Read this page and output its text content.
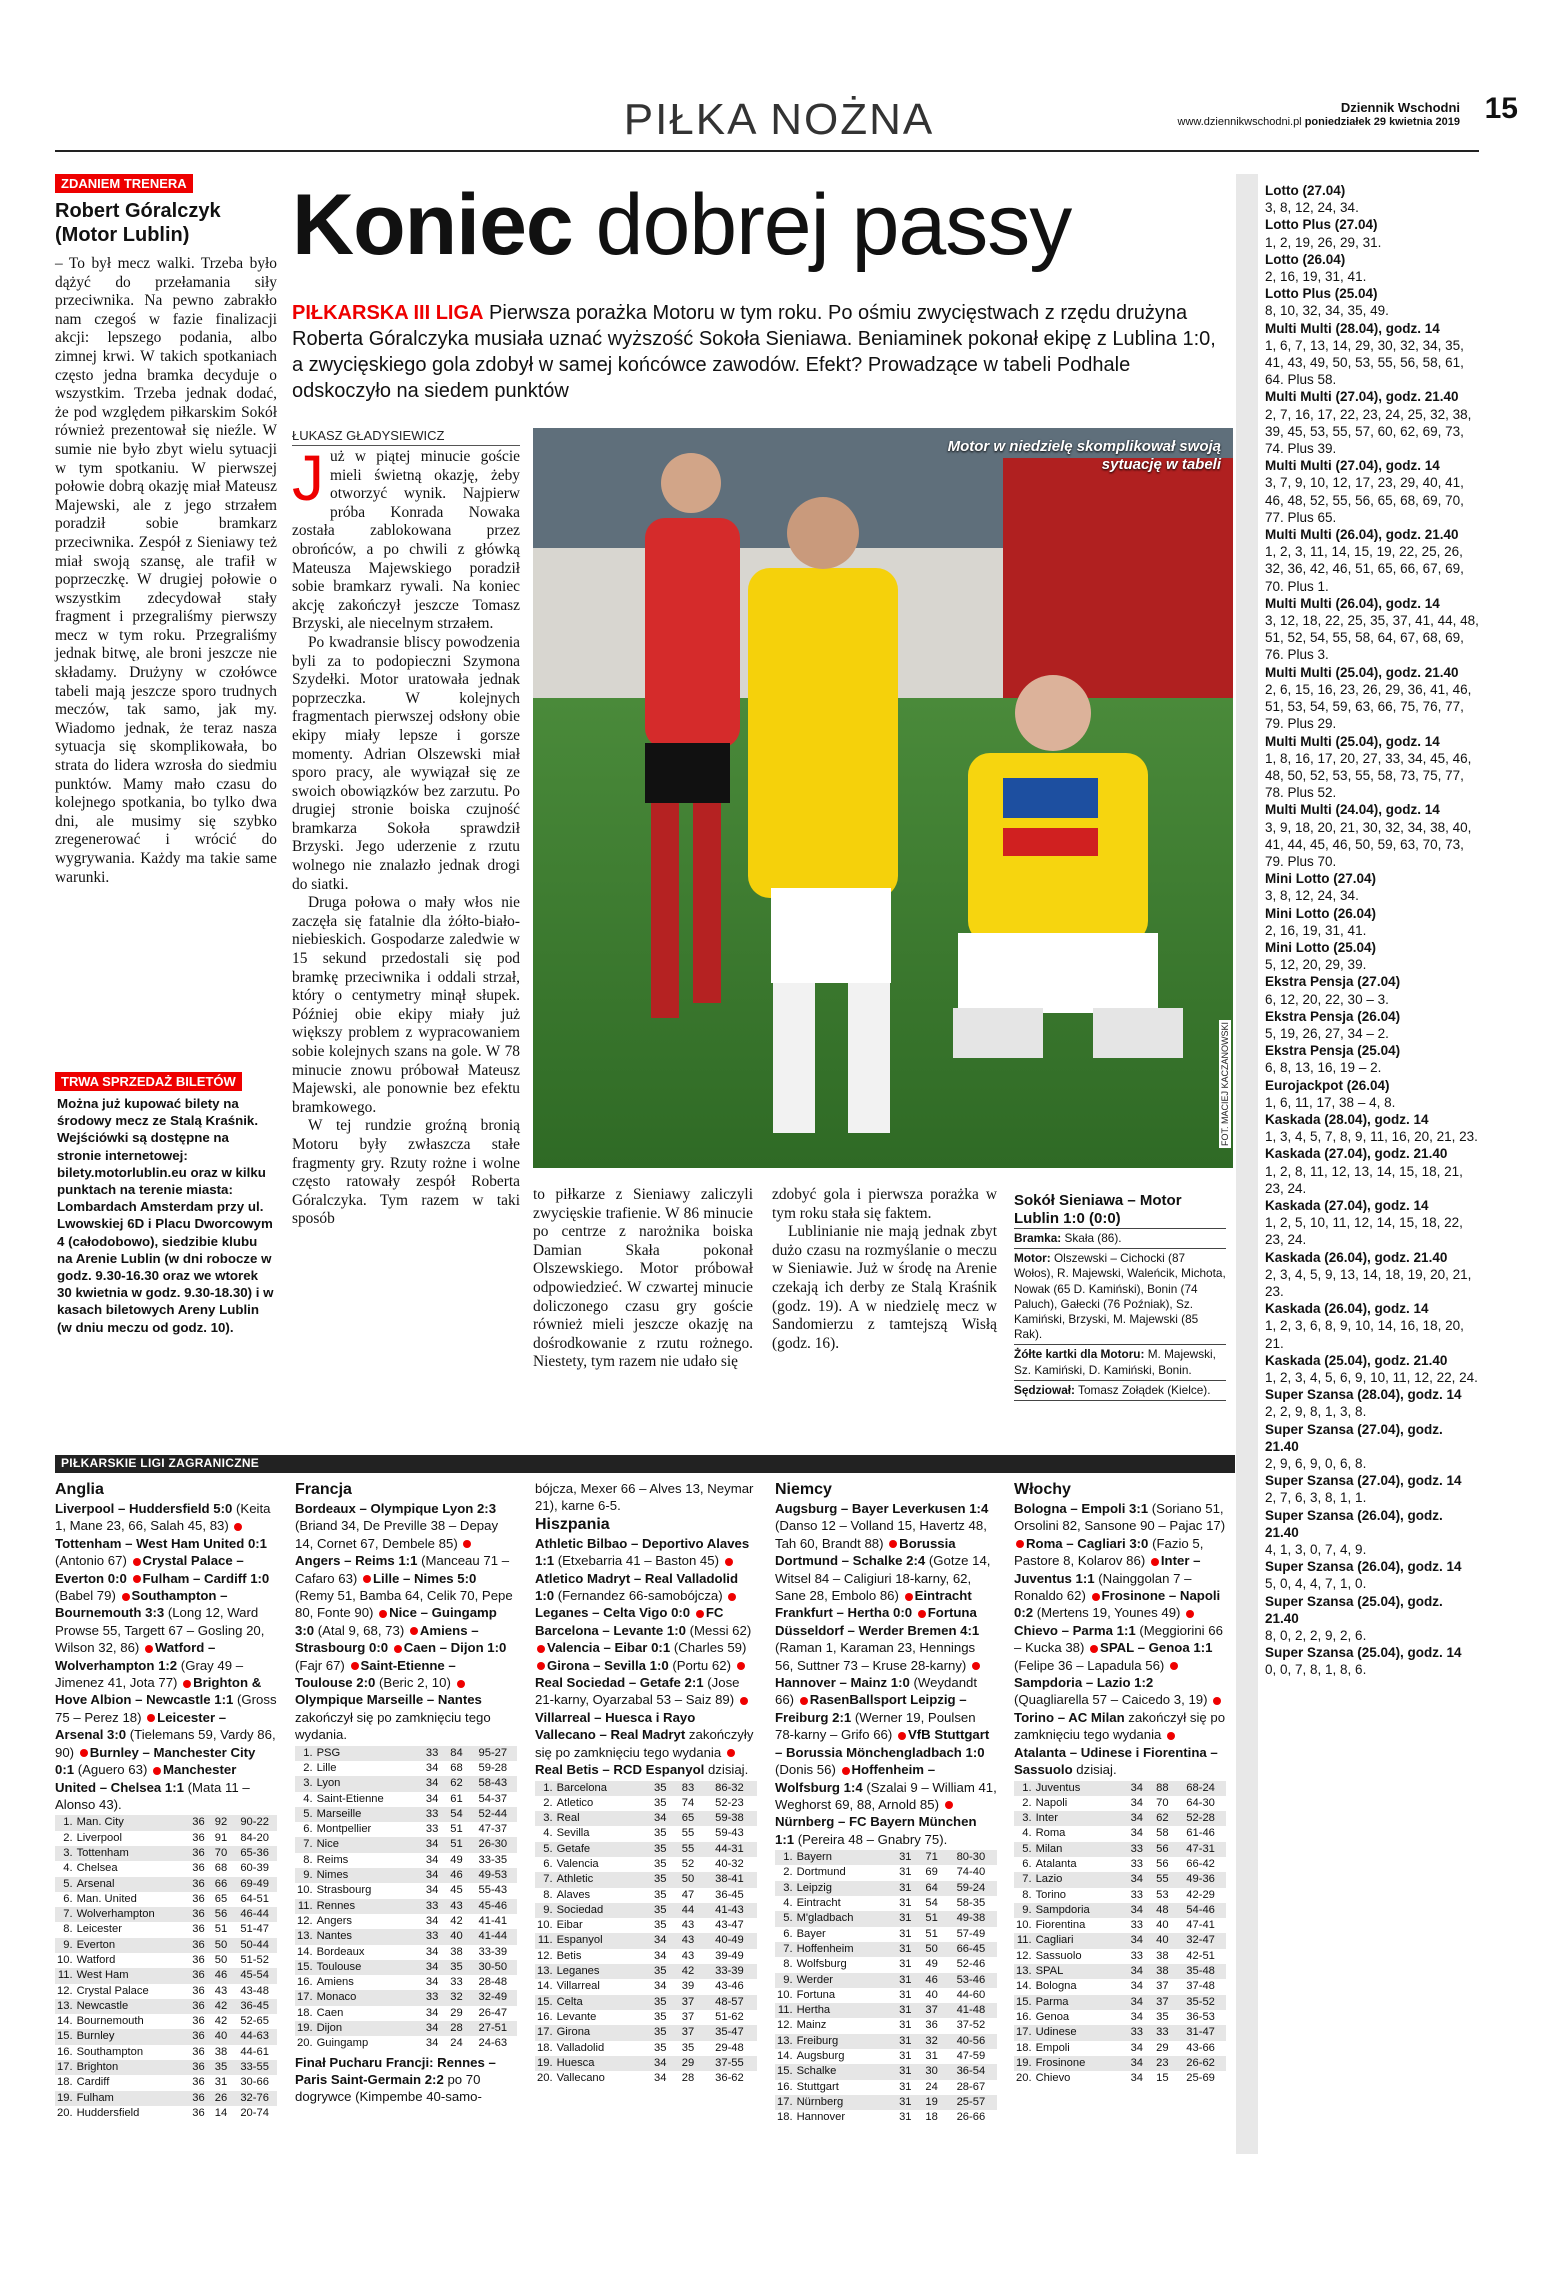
PIŁKA NOŻNA	Dziennik Wschodni
www.dziennikwschodni.pl poniedziałek 29 kwietnia 2019 15
ZDANIEM TRENERA
Robert Góralczyk (Motor Lublin)
– To był mecz walki. Trzeba było dążyć do przełamania siły przeciwnika. Na pewno zabrakło nam czegoś w fazie finalizacji akcji: lepszego podania, albo zimnej krwi. W takich spotkaniach często jedna bramka decyduje o wszystkim. Trzeba jednak dodać, że pod względem piłkarskim Sokół również prezentował się nieźle. W sumie nie było zbyt wielu sytuacji w tym spotkaniu. W pierwszej połowie dobrą okazję miał Mateusz Majewski, ale z jego strzałem poradził sobie bramkarz przeciwnika. Zespół z Sieniawy też miał swoją szansę, ale trafił w poprzeczkę. W drugiej połowie o wszystkim zdecydował stały fragment i przegraliśmy pierwszy mecz w tym roku. Przegraliśmy jednak bitwę, ale broni jeszcze nie składamy. Drużyny w czołówce tabeli mają jeszcze sporo trudnych meczów, tak samo, jak my. Wiadomo jednak, że teraz nasza sytuacja się skomplikowała, bo strata do lidera wzrosła do siedmiu punktów. Mamy mało czasu do kolejnego spotkania, bo tylko dwa dni, ale musimy się szybko zregenerować i wrócić do wygrywania. Każdy ma takie same warunki.
TRWA SPRZEDAŻ BILETÓW
Można już kupować bilety na środowy mecz ze Stalą Kraśnik. Wejściówki są dostępne na stronie internetowej: bilety.motorlublin.eu oraz w kilku punktach na terenie miasta: Lombardach Amsterdam przy ul. Lwowskiej 6D i Placu Dworcowym 4 (całodobowo), siedzibie klubu na Arenie Lublin (w dni robocze w godz. 9.30-16.30 oraz we wtorek 30 kwietnia w godz. 9.30-18.30) i w kasach biletowych Areny Lublin (w dniu meczu od godz. 10).
Koniec dobrej passy
PIŁKARSKA III LIGA Pierwsza porażka Motoru w tym roku. Po ośmiu zwycięstwach z rzędu drużyna Roberta Góralczyka musiała uznać wyższość Sokoła Sieniawa. Beniaminek pokonał ekipę z Lublina 1:0, a zwycięskiego gola zdobył w samej końcówce zawodów. Efekt? Prowadzące w tabeli Podhale odskoczyło na siedem punktów
ŁUKASZ GŁADYSIEWICZ
J uż w piątej minucie goście mieli świetną okazję, żeby otworzyć wynik. Najpierw próba Konrada Nowaka została zablokowana przez obrońców, a po chwili z główką Mateusza Majewskiego poradził sobie bramkarz rywali. Na koniec akcję zakończył jeszcze Tomasz Brzyski, ale niecelnym strzałem.

Po kwadransie bliscy powodzenia byli za to podopieczni Szymona Szydełki. Motor uratowała jednak poprzeczka. W kolejnych fragmentach pierwszej odsłony obie ekipy miały lepsze i gorsze momenty. Adrian Olszewski miał sporo pracy, ale wywiązał się ze swoich obowiązków bez zarzutu. Po drugiej stronie boiska czujność bramkarza Sokoła sprawdził Brzyski. Jego uderzenie z rzutu wolnego nie znalazło jednak drogi do siatki.

Druga połowa o mały włos nie zaczęła się fatalnie dla żółto-biało-niebieskich. Gospodarze zaledwie w 15 sekund przedostali się pod bramkę przeciwnika i oddali strzał, który o centymetry minął słupek. Później obie ekipy miały już większy problem z wypracowaniem sobie kolejnych szans na gole. W 78 minucie znowu próbował Mateusz Majewski, ale ponownie bez efektu bramkowego.

W tej rundzie groźną bronią Motoru były zwłaszcza stałe fragmenty gry. Rzuty rożne i wolne często ratowały zespół Roberta Góralczyka. Tym razem w taki sposób

Motor w niedzielę skomplikował swoją sytuację w tabeli
FOT. MACIEJ KACZANOWSKI
to piłkarze z Sieniawy zaliczyli zwycięskie trafienie. W 86 minucie po centrze z narożnika boiska Damian Skała pokonał Olszewskiego. Motor próbował odpowiedzieć. W czwartej minucie doliczonego czasu gry goście również mieli jeszcze okazję na dośrodkowanie z rzutu rożnego. Niestety, tym razem nie udało się

zdobyć gola i pierwsza porażka w tym roku stała się faktem.

Lublinianie nie mają jednak zbyt dużo czasu na rozmyślanie o meczu w Sieniawie. Już w środę na Arenie czekają ich derby ze Stalą Kraśnik (godz. 19). A w niedzielę mecz w Sandomierzu z tamtejszą Wisłą (godz. 16).

Sokół Sieniawa – Motor Lublin 1:0 (0:0)
Bramka: Skała (86).
Motor: Olszewski – Cichocki (87 Wołos), R. Majewski, Waleńcik, Michota, Nowak (65 D. Kamiński), Bonin (74 Paluch), Gałecki (76 Poźniak), Sz. Kamiński, Brzyski, M. Majewski (85 Rak).
Żółte kartki dla Motoru: M. Majewski, Sz. Kamiński, D. Kamiński, Bonin.
Sędziował: Tomasz Zołądek (Kielce).
Lotto (27.04)
3, 8, 12, 24, 34.
Lotto Plus (27.04)
1, 2, 19, 26, 29, 31.
Lotto (26.04)
2, 16, 19, 31, 41.
Lotto Plus (25.04)
8, 10, 32, 34, 35, 49.
Multi Multi (28.04), godz. 14
1, 6, 7, 13, 14, 29, 30, 32, 34, 35, 41, 43, 49, 50, 53, 55, 56, 58, 61, 64. Plus 58.
Multi Multi (27.04), godz. 21.40
2, 7, 16, 17, 22, 23, 24, 25, 32, 38, 39, 45, 53, 55, 57, 60, 62, 69, 73, 74. Plus 39.
Multi Multi (27.04), godz. 14
3, 7, 9, 10, 12, 17, 23, 29, 40, 41, 46, 48, 52, 55, 56, 65, 68, 69, 70, 77. Plus 65.
Multi Multi (26.04), godz. 21.40
1, 2, 3, 11, 14, 15, 19, 22, 25, 26, 32, 36, 42, 46, 51, 65, 66, 67, 69, 70. Plus 1.
Multi Multi (26.04), godz. 14
3, 12, 18, 22, 25, 35, 37, 41, 44, 48, 51, 52, 54, 55, 58, 64, 67, 68, 69, 76. Plus 3.
Multi Multi (25.04), godz. 21.40
2, 6, 15, 16, 23, 26, 29, 36, 41, 46, 51, 53, 54, 59, 63, 66, 75, 76, 77, 79. Plus 29.
Multi Multi (25.04), godz. 14
1, 8, 16, 17, 20, 27, 33, 34, 45, 46, 48, 50, 52, 53, 55, 58, 73, 75, 77, 78. Plus 52.
Multi Multi (24.04), godz. 14
3, 9, 18, 20, 21, 30, 32, 34, 38, 40, 41, 44, 45, 46, 50, 59, 63, 70, 73, 79. Plus 70.
Mini Lotto (27.04)
3, 8, 12, 24, 34.
Mini Lotto (26.04)
2, 16, 19, 31, 41.
Mini Lotto (25.04)
5, 12, 20, 29, 39.
Ekstra Pensja (27.04)
6, 12, 20, 22, 30 – 3.
Ekstra Pensja (26.04)
5, 19, 26, 27, 34 – 2.
Ekstra Pensja (25.04)
6, 8, 13, 16, 19 – 2.
Eurojackpot (26.04)
1, 6, 11, 17, 38 – 4, 8.
Kaskada (28.04), godz. 14
1, 3, 4, 5, 7, 8, 9, 11, 16, 20, 21, 23.
Kaskada (27.04), godz. 21.40
1, 2, 8, 11, 12, 13, 14, 15, 18, 21, 23, 24.
Kaskada (27.04), godz. 14
1, 2, 5, 10, 11, 12, 14, 15, 18, 22, 23, 24.
Kaskada (26.04), godz. 21.40
2, 3, 4, 5, 9, 13, 14, 18, 19, 20, 21, 23.
Kaskada (26.04), godz. 14
1, 2, 3, 6, 8, 9, 10, 14, 16, 18, 20, 21.
Kaskada (25.04), godz. 21.40
1, 2, 3, 4, 5, 6, 9, 10, 11, 12, 22, 24.
Super Szansa (28.04), godz. 14
2, 2, 9, 8, 1, 3, 8.
Super Szansa (27.04), godz. 21.40
2, 9, 6, 9, 0, 6, 8.
Super Szansa (27.04), godz. 14
2, 7, 6, 3, 8, 1, 1.
Super Szansa (26.04), godz. 21.40
4, 1, 3, 0, 7, 4, 9.
Super Szansa (26.04), godz. 14
5, 0, 4, 4, 7, 1, 0.
Super Szansa (25.04), godz. 21.40
8, 0, 2, 2, 9, 2, 6.
Super Szansa (25.04), godz. 14
0, 0, 7, 8, 1, 8, 6.
PIŁKARSKIE LIGI ZAGRANICZNE
Anglia
Liverpool – Huddersfield 5:0 (Keita 1, Mane 23, 66, Salah 45, 83) Tottenham – West Ham United 0:1 (Antonio 67) Crystal Palace – Everton 0:0 Fulham – Cardiff 1:0 (Babel 79) Southampton – Bournemouth 3:3 (Long 12, Ward Prowse 55, Targett 67 – Gosling 20, Wilson 32, 86) Watford – Wolverhampton 1:2 (Gray 49 – Jimenez 41, Jota 77) Brighton & Hove Albion – Newcastle 1:1 (Gross 75 – Perez 18) Leicester – Arsenal 3:0 (Tielemans 59, Vardy 86, 90) Burnley – Manchester City 0:1 (Aguero 63) Manchester United – Chelsea 1:1 (Mata 11 – Alonso 43).
1.	Man. City	36	92	90-22
2.	Liverpool	36	91	84-20
3.	Tottenham	36	70	65-36
4.	Chelsea	36	68	60-39
5.	Arsenal	36	66	69-49
6.	Man. United	36	65	64-51
7.	Wolverhampton	36	56	46-44
8.	Leicester	36	51	51-47
9.	Everton	36	50	50-44
10.	Watford	36	50	51-52
11.	West Ham	36	46	45-54
12.	Crystal Palace	36	43	43-48
13.	Newcastle	36	42	36-45
14.	Bournemouth	36	42	52-65
15.	Burnley	36	40	44-63
16.	Southampton	36	38	44-61
17.	Brighton	36	35	33-55
18.	Cardiff	36	31	30-66
19.	Fulham	36	26	32-76
20.	Huddersfield	36	14	20-74
Francja
Bordeaux – Olympique Lyon 2:3 (Briand 34, De Preville 38 – Depay 14, Cornet 67, Dembele 85) Angers – Reims 1:1 (Manceau 71 – Cafaro 63) Lille – Nimes 5:0 (Remy 51, Bamba 64, Celik 70, Pepe 80, Fonte 90) Nice – Guingamp 3:0 (Atal 9, 68, 73) Amiens – Strasbourg 0:0 Caen – Dijon 1:0 (Fajr 67) Saint-Etienne – Toulouse 2:0 (Beric 2, 10) Olympique Marseille – Nantes zakończył się po zamknięciu tego wydania.
1.	PSG	33	84	95-27
2.	Lille	34	68	59-28
3.	Lyon	34	62	58-43
4.	Saint-Etienne	34	61	54-37
5.	Marseille	33	54	52-44
6.	Montpellier	33	51	47-37
7.	Nice	34	51	26-30
8.	Reims	34	49	33-35
9.	Nimes	34	46	49-53
10.	Strasbourg	34	45	55-43
11.	Rennes	33	43	45-46
12.	Angers	34	42	41-41
13.	Nantes	33	40	41-44
14.	Bordeaux	34	38	33-39
15.	Toulouse	34	35	30-50
16.	Amiens	34	33	28-48
17.	Monaco	33	32	32-49
18.	Caen	34	29	26-47
19.	Dijon	34	28	27-51
20.	Guingamp	34	24	24-63
Finał Pucharu Francji: Rennes – Paris Saint-Germain 2:2 po 70 dogrywce (Kimpembe 40-samo-
bójcza, Mexer 66 – Alves 13, Neymar 21), karne 6-5.
Hiszpania
Athletic Bilbao – Deportivo Alaves 1:1 (Etxebarria 41 – Baston 45) Atletico Madryt – Real Valladolid 1:0 (Fernandez 66-samobójcza) Leganes – Celta Vigo 0:0 FC Barcelona – Levante 1:0 (Messi 62) Valencia – Eibar 0:1 (Charles 59) Girona – Sevilla 1:0 (Portu 62) Real Sociedad – Getafe 2:1 (Jose 21-karny, Oyarzabal 53 – Saiz 89) Villarreal – Huesca i Rayo Vallecano – Real Madryt zakończyły się po zamknięciu tego wydania Real Betis – RCD Espanyol dzisiaj.
1.	Barcelona	35	83	86-32
2.	Atletico	35	74	52-23
3.	Real	34	65	59-38
4.	Sevilla	35	55	59-43
5.	Getafe	35	55	44-31
6.	Valencia	35	52	40-32
7.	Athletic	35	50	38-41
8.	Alaves	35	47	36-45
9.	Sociedad	35	44	41-43
10.	Eibar	35	43	43-47
11.	Espanyol	34	43	40-49
12.	Betis	34	43	39-49
13.	Leganes	35	42	33-39
14.	Villarreal	34	39	43-46
15.	Celta	35	37	48-57
16.	Levante	35	37	51-62
17.	Girona	35	37	35-47
18.	Valladolid	35	35	29-48
19.	Huesca	34	29	37-55
20.	Vallecano	34	28	36-62
Niemcy
Augsburg – Bayer Leverkusen 1:4 (Danso 12 – Volland 15, Havertz 48, Tah 60, Brandt 88) Borussia Dortmund – Schalke 2:4 (Gotze 14, Witsel 84 – Caligiuri 18-karny, 62, Sane 28, Embolo 86) Eintracht Frankfurt – Hertha 0:0 Fortuna Düsseldorf – Werder Bremen 4:1 (Raman 1, Karaman 23, Hennings 56, Suttner 73 – Kruse 28-karny) Hannover – Mainz 1:0 (Weydandt 66) RasenBallsport Leipzig – Freiburg 2:1 (Werner 19, Poulsen 78-karny – Grifo 66) VfB Stuttgart – Borussia Mönchengladbach 1:0 (Donis 56) Hoffenheim – Wolfsburg 1:4 (Szalai 9 – William 41, Weghorst 69, 88, Arnold 85) Nürnberg – FC Bayern München 1:1 (Pereira 48 – Gnabry 75).
1.	Bayern	31	71	80-30
2.	Dortmund	31	69	74-40
3.	Leipzig	31	64	59-24
4.	Eintracht	31	54	58-35
5.	M'gladbach	31	51	49-38
6.	Bayer	31	51	57-49
7.	Hoffenheim	31	50	66-45
8.	Wolfsburg	31	49	52-46
9.	Werder	31	46	53-46
10.	Fortuna	31	40	44-60
11.	Hertha	31	37	41-48
12.	Mainz	31	36	37-52
13.	Freiburg	31	32	40-56
14.	Augsburg	31	31	47-59
15.	Schalke	31	30	36-54
16.	Stuttgart	31	24	28-67
17.	Nürnberg	31	19	25-57
18.	Hannover	31	18	26-66
Włochy
Bologna – Empoli 3:1 (Soriano 51, Orsolini 82, Sansone 90 – Pajac 17) Roma – Cagliari 3:0 (Fazio 5, Pastore 8, Kolarov 86) Inter – Juventus 1:1 (Nainggolan 7 – Ronaldo 62) Frosinone – Napoli 0:2 (Mertens 19, Younes 49) Chievo – Parma 1:1 (Meggiorini 66 – Kucka 38) SPAL – Genoa 1:1 (Felipe 36 – Lapadula 56) Sampdoria – Lazio 1:2 (Quagliarella 57 – Caicedo 3, 19) Torino – AC Milan zakończył się po zamknięciu tego wydania Atalanta – Udinese i Fiorentina – Sassuolo dzisiaj.
1.	Juventus	34	88	68-24
2.	Napoli	34	70	64-30
3.	Inter	34	62	52-28
4.	Roma	34	58	61-46
5.	Milan	33	56	47-31
6.	Atalanta	33	56	66-42
7.	Lazio	34	55	49-36
8.	Torino	33	53	42-29
9.	Sampdoria	34	48	54-46
10.	Fiorentina	33	40	47-41
11.	Cagliari	34	40	32-47
12.	Sassuolo	33	38	42-51
13.	SPAL	34	38	35-48
14.	Bologna	34	37	37-48
15.	Parma	34	37	35-52
16.	Genoa	34	35	36-53
17.	Udinese	33	33	31-47
18.	Empoli	34	29	43-66
19.	Frosinone	34	23	26-62
20.	Chievo	34	15	25-69
